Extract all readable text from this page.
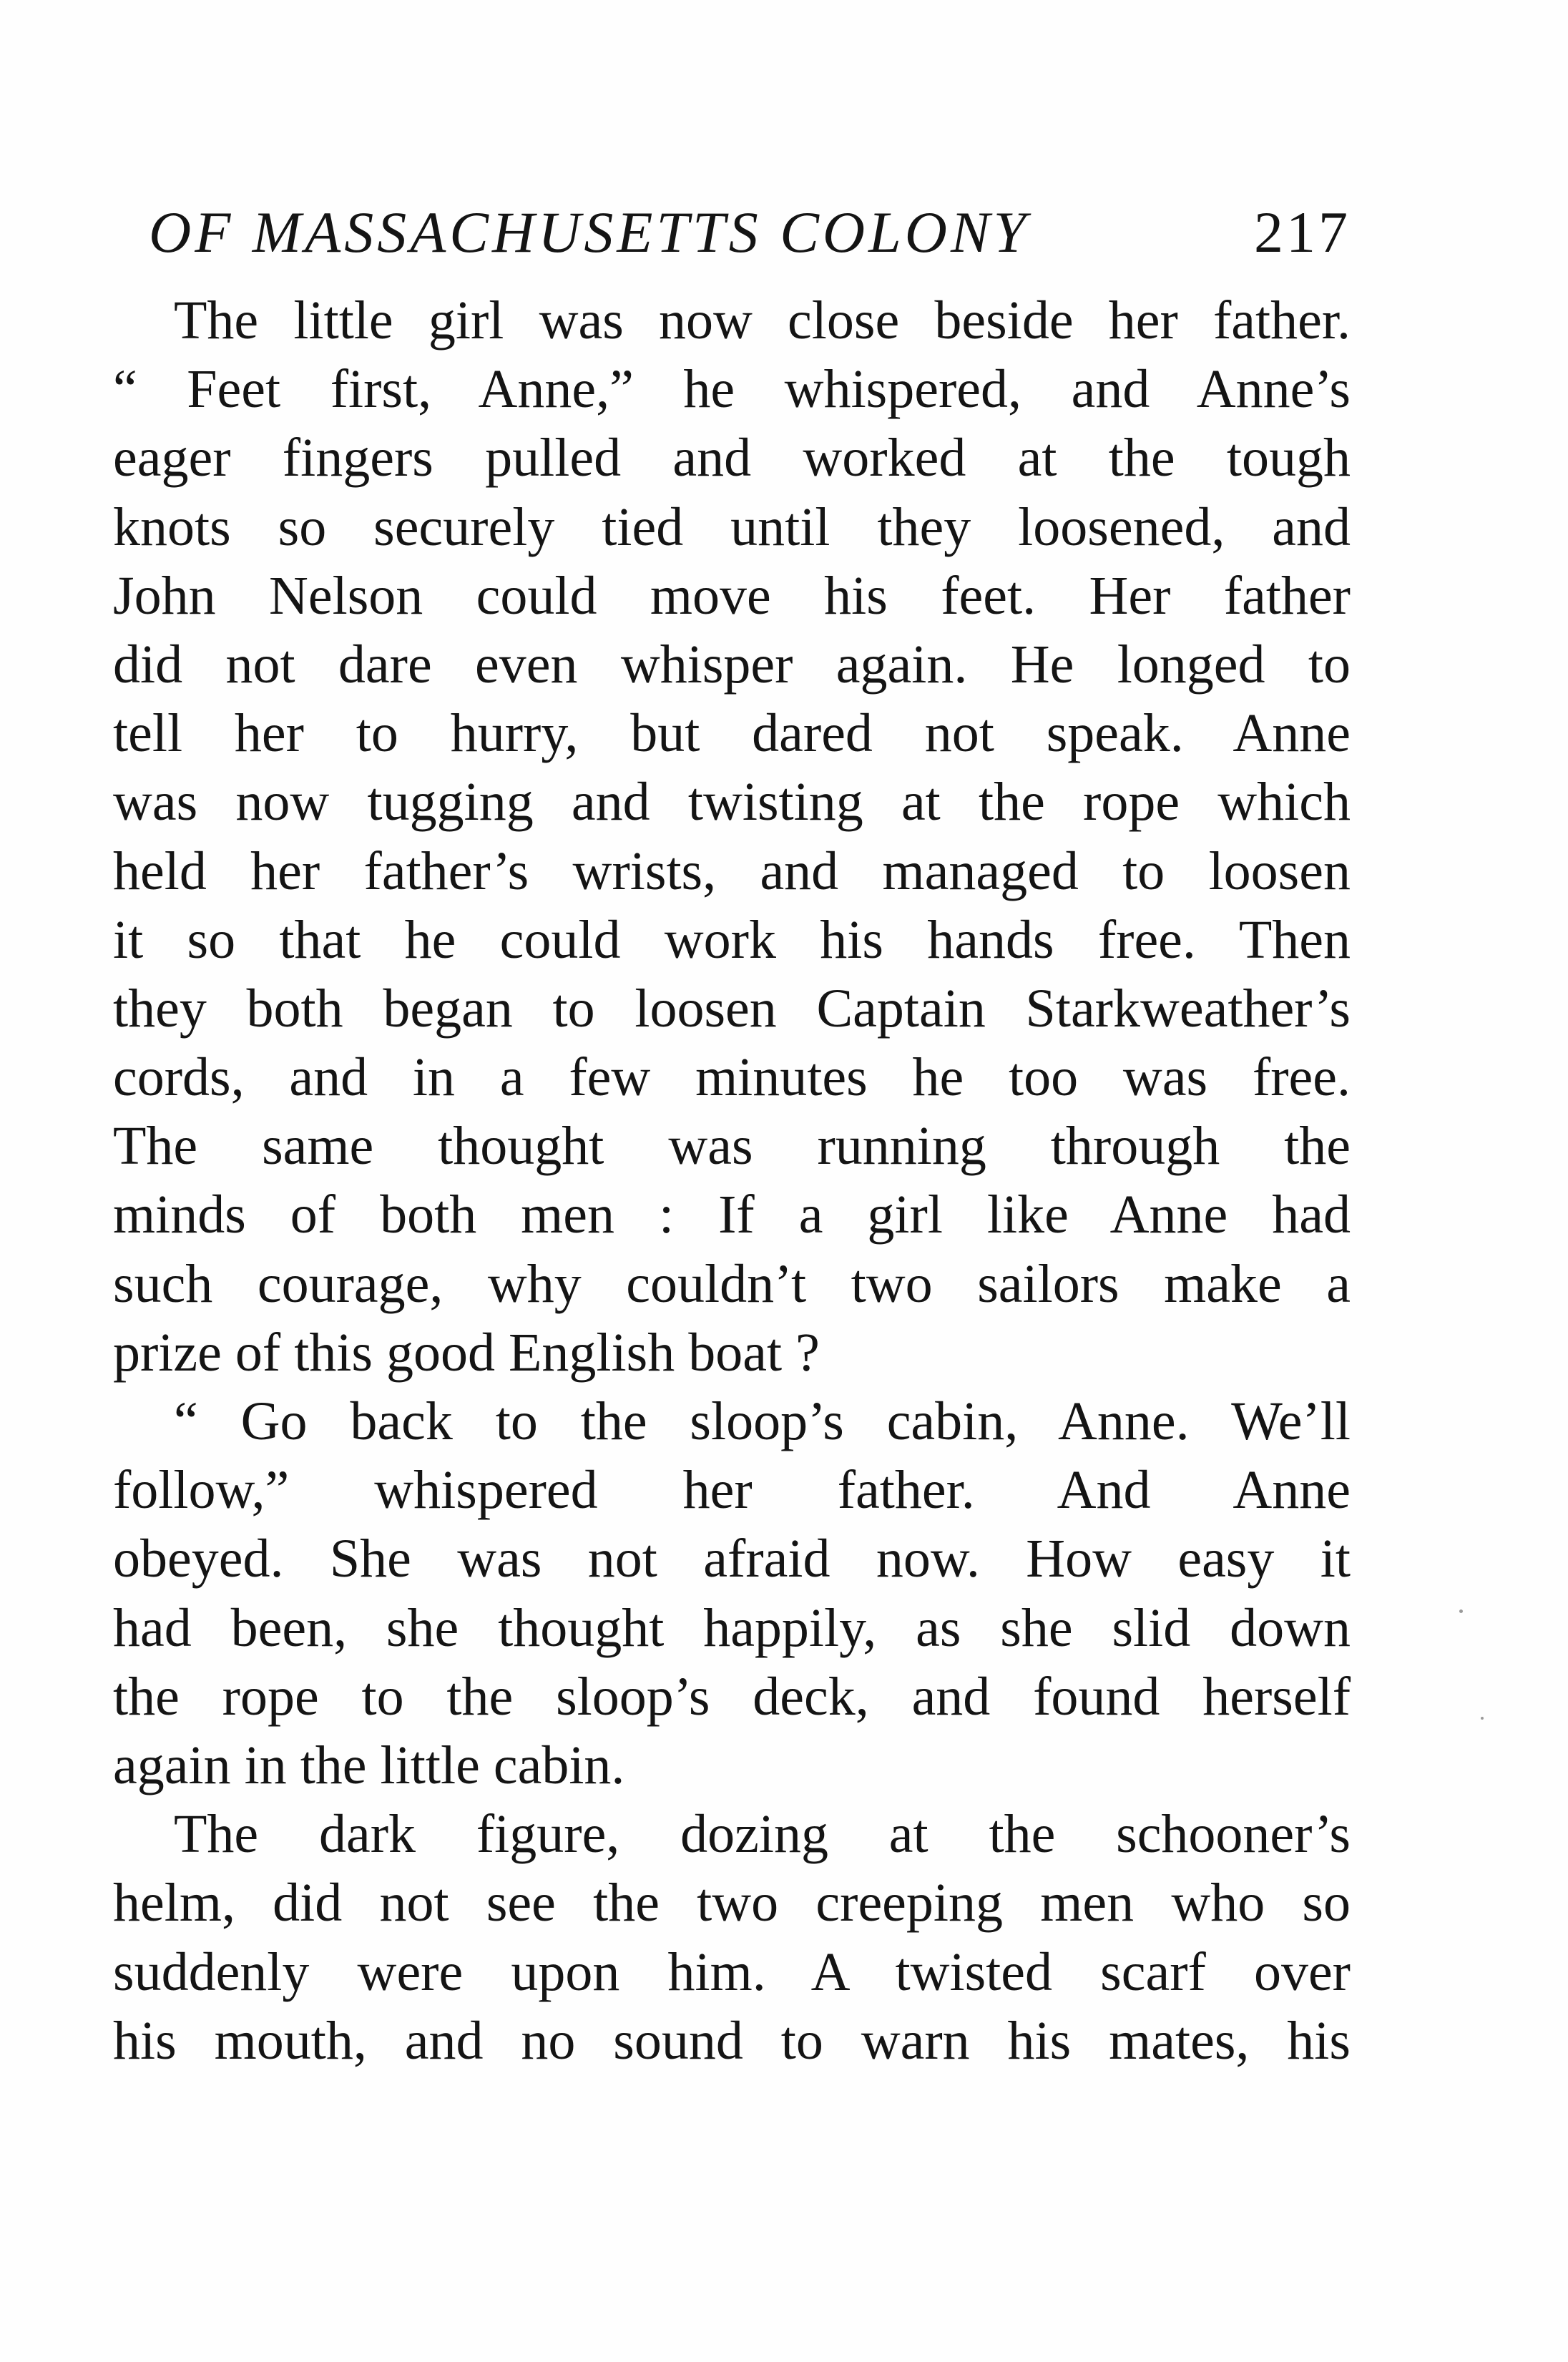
OF MASSACHUSETTS COLONY	217
The little girl was now close beside her father.
“ Feet first, Anne,” he whispered, and Anne’s
eager fingers pulled and worked at the tough
knots so securely tied until they loosened, and
John Nelson could move his feet. Her father
did not dare even whisper again. He longed to
tell her to hurry, but dared not speak. Anne
was now tugging and twisting at the rope which
held her father’s wrists, and managed to loosen
it so that he could work his hands free. Then
they both began to loosen Captain Starkweather’s
cords, and in a few minutes he too was free.
The same thought was running through the
minds of both men : If a girl like Anne had
such courage, why couldn’t two sailors make a
prize of this good English boat ?
“ Go back to the sloop’s cabin, Anne. We’ll
follow,” whispered her father. And Anne
obeyed. She was not afraid now. How easy it
had been, she thought happily, as she slid down
the rope to the sloop’s deck, and found herself
again in the little cabin.
The dark figure, dozing at the schooner’s
helm, did not see the two creeping men who so
suddenly were upon him. A twisted scarf over
his mouth, and no sound to warn his mates, his
